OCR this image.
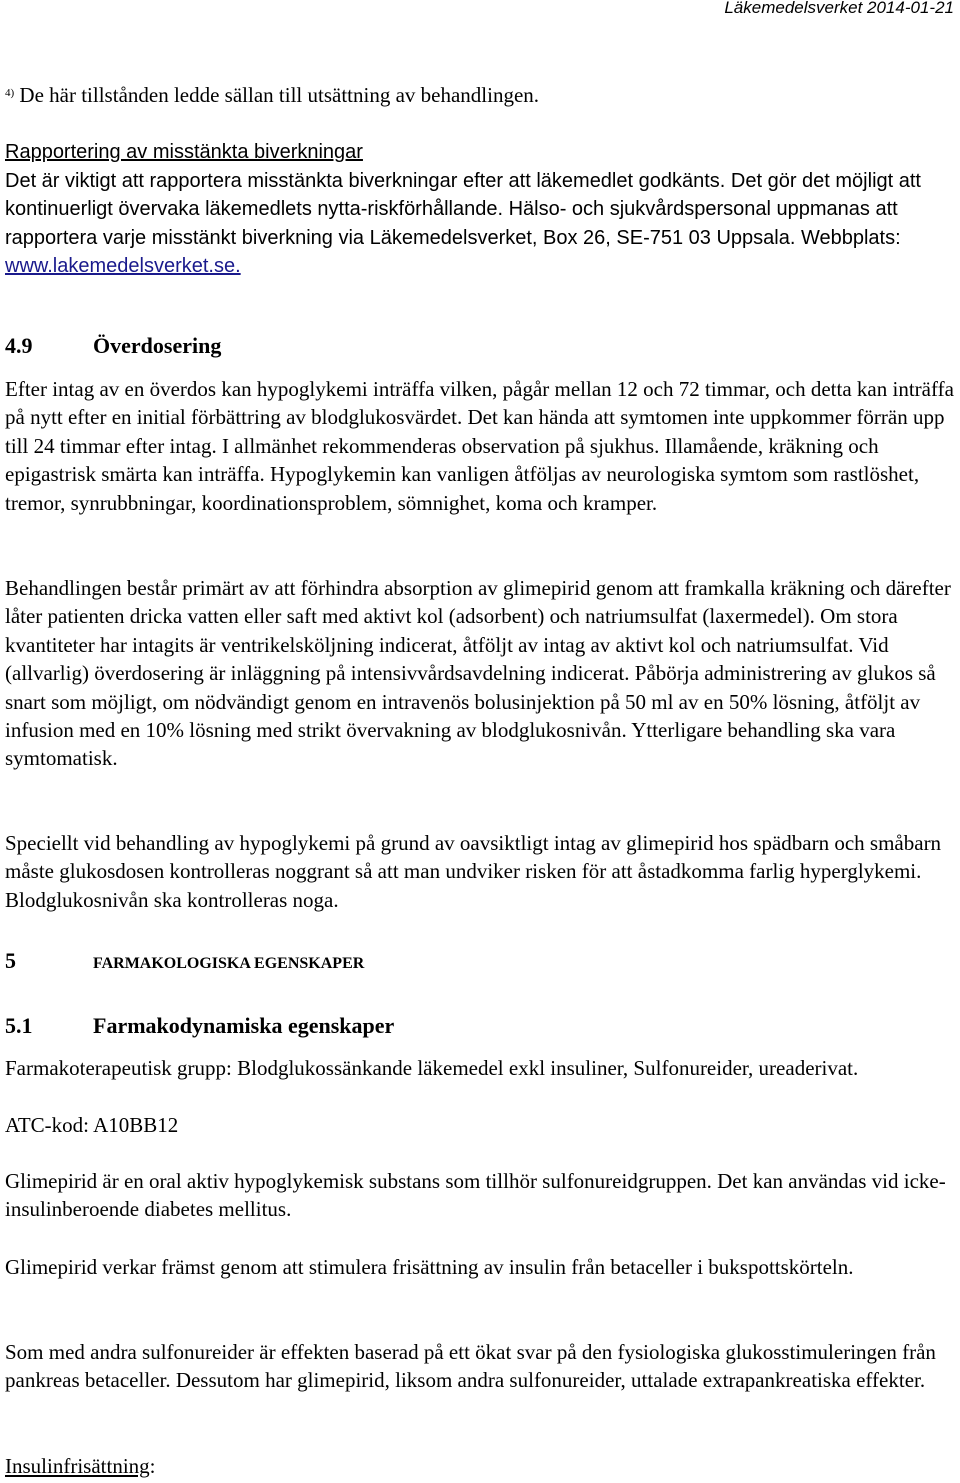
Läkemedelsverket 2014-01-21
$^{4)}$ De här tillstånden ledde sällan till utsättning av behandlingen.
Rapportering av misstänkta biverkningar
Det är viktigt att rapportera misstänkta biverkningar efter att läkemedlet godkänts. Det gör det möjligt att kontinuerligt övervaka läkemedlets nytta-riskförhållande. Hälso- och sjukvårdspersonal uppmanas att rapportera varje misstänkt biverkning via Läkemedelsverket, Box 26, SE-751 03 Uppsala. Webbplats: www.lakemedelsverket.se.
4.9	Överdosering
Efter intag av en överdos kan hypoglykemi inträffa vilken, pågår mellan 12 och 72 timmar, och detta kan inträffa på nytt efter en initial förbättring av blodglukosvärdet. Det kan hända att symtomen inte uppkommer förrän upp till 24 timmar efter intag. I allmänhet rekommenderas observation på sjukhus. Illamående, kräkning och epigastrisk smärta kan inträffa. Hypoglykemin kan vanligen åtföljas av neurologiska symtom som rastlöshet, tremor, synrubbningar, koordinationsproblem, sömnighet, koma och kramper.
Behandlingen består primärt av att förhindra absorption av glimepirid genom att framkalla kräkning och därefter låter patienten dricka vatten eller saft med aktivt kol (adsorbent) och natriumsulfat (laxermedel). Om stora kvantiteter har intagits är ventrikelsköljning indicerat, åtföljt av intag av aktivt kol och natriumsulfat. Vid (allvarlig) överdosering är inläggning på intensivvårdsavdelning indicerat. Påbörja administrering av glukos så snart som möjligt, om nödvändigt genom en intravenös bolusinjektion på 50 ml av en 50% lösning, åtföljt av infusion med en 10% lösning med strikt övervakning av blodglukosnivån. Ytterligare behandling ska vara symtomatisk.
Speciellt vid behandling av hypoglykemi på grund av oavsiktligt intag av glimepirid hos spädbarn och småbarn måste glukosdosen kontrolleras noggrant så att man undviker risken för att åstadkomma farlig hyperglykemi. Blodglukosnivån ska kontrolleras noga.
5	FARMAKOLOGISKA EGENSKAPER
5.1	Farmakodynamiska egenskaper
Farmakoterapeutisk grupp: Blodglukossänkande läkemedel exkl insuliner, Sulfonureider, ureaderivat.
ATC-kod: A10BB12
Glimepirid är en oral aktiv hypoglykemisk substans som tillhör sulfonureidgruppen. Det kan användas vid icke-insulinberoende diabetes mellitus.
Glimepirid verkar främst genom att stimulera frisättning av insulin från betaceller i bukspottskörteln.
Som med andra sulfonureider är effekten baserad på ett ökat svar på den fysiologiska glukosstimuleringen från pankreas betaceller. Dessutom har glimepirid, liksom andra sulfonureider, uttalade extrapankreatiska effekter.
Insulinfrisättning:
